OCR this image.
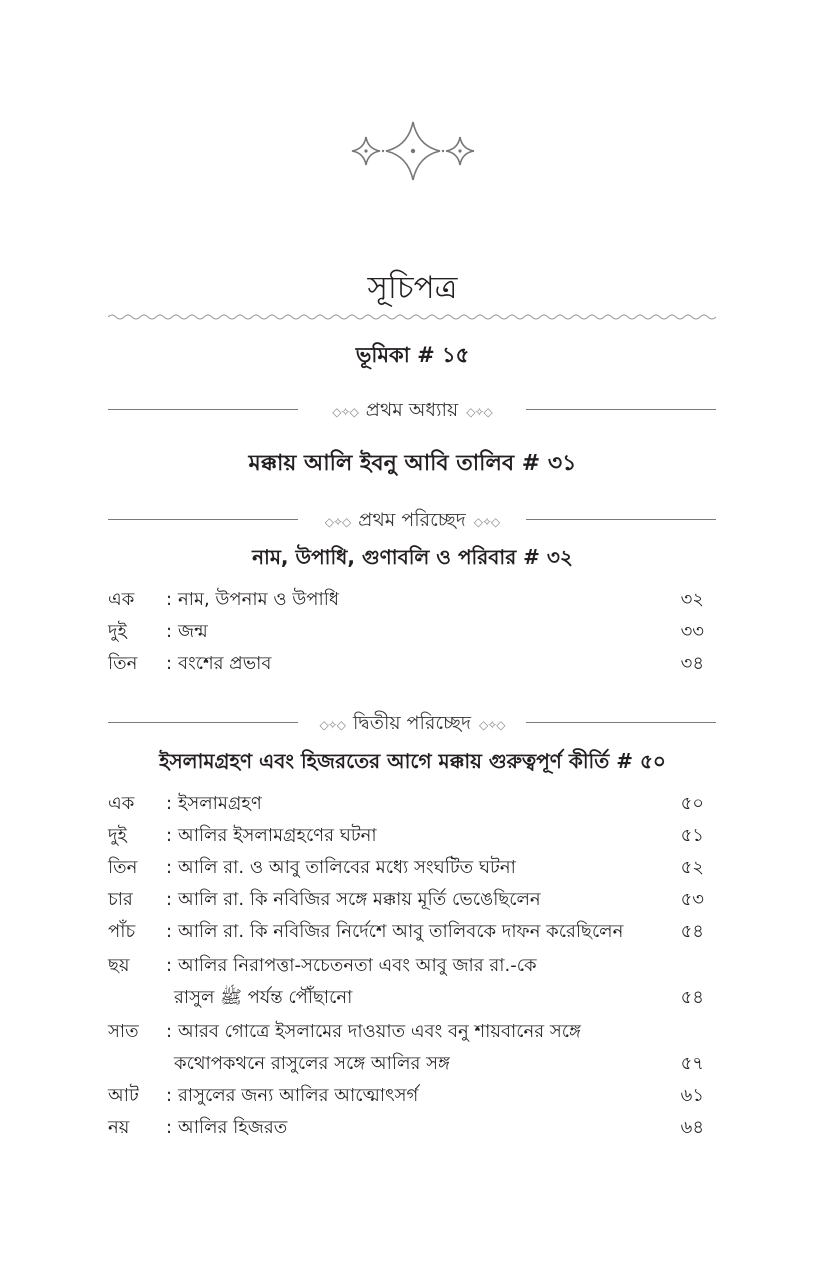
সূচিপত্র
ভূমিকা # ১৫
◇✧◇ প্রথম অধ্যায় ◇✧◇
মক্কায় আলি ইবনু আবি তালিব # ৩১
◇✧◇ প্রথম পরিচ্ছেদ ◇✧◇
নাম, উপাধি, গুণাবলি ও পরিবার # ৩২
এক : নাম, উপনাম ও উপাধি	৩২
দুই : জন্ম	৩৩
তিন : বংশের প্রভাব	৩৪
◇✧◇ দ্বিতীয় পরিচ্ছেদ ◇✧◇
ইসলামগ্রহণ এবং হিজরতের আগে মক্কায় গুরুত্বপূর্ণ কীর্তি # ৫০
এক : ইসলামগ্রহণ	৫০
দুই : আলির ইসলামগ্রহণের ঘটনা	৫১
তিন : আলি রা. ও আবু তালিবের মধ্যে সংঘটিত ঘটনা	৫২
চার : আলি রা. কি নবিজির সঙ্গে মক্কায় মূর্তি ভেঙেছিলেন	৫৩
পাঁচ : আলি রা. কি নবিজির নির্দেশে আবু তালিবকে দাফন করেছিলেন	৫৪
ছয় : আলির নিরাপত্তা-সচেতনতা এবং আবু জার রা.-কে
রাসুল ﷺ পর্যন্ত পৌঁছানো	৫৪
সাত : আরব গোত্রে ইসলামের দাওয়াত এবং বনু শায়বানের সঙ্গে
কথোপকথনে রাসুলের সঙ্গে আলির সঙ্গ	৫৭
আট : রাসুলের জন্য আলির আত্মোৎসর্গ	৬১
নয় : আলির হিজরত	৬৪
